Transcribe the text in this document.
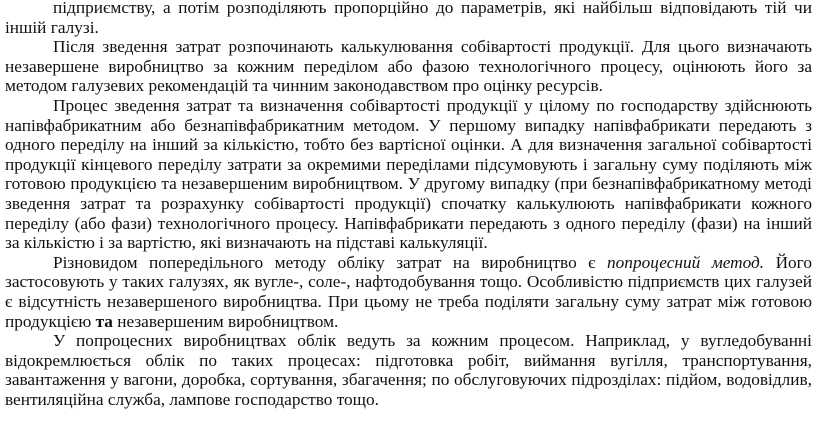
підприємству, а потім розподіляють пропорційно до параметрів, які найбільш відповідають тій чи іншій галузі.

Після зведення затрат розпочинають калькулювання собівартості продукції. Для цього визначають незавершене виробництво за кожним переділом або фазою технологічного процесу, оцінюють його за методом галузевих рекомендацій та чинним законодавством про оцінку ресурсів.

Процес зведення затрат та визначення собівартості продукції у цілому по господарству здійснюють напівфабрикатним або безнапівфабрикатним методом. У першому випадку напівфабрикати передають з одного переділу на інший за кількістю, тобто без вартісної оцінки. А для визначення загальної собівартості продукції кінцевого переділу затрати за окремими переділами підсумовують і загальну суму поділяють між готовою продукцією та незавершеним виробництвом. У другому випадку (при безнапівфабрикатному методі зведення затрат та розрахунку собівартості продукції) спочатку калькулюють напівфабрикати кожного переділу (або фази) технологічного процесу. Напівфабрикати передають з одного переділу (фази) на інший за кількістю і за вартістю, які визначають на підставі калькуляції.

Різновидом попередільного методу обліку затрат на виробництво є попроцесний метод. Його застосовують у таких галузях, як вугле-, соле-, нафтодобування тощо. Особливістю підприємств цих галузей є відсутність незавершеного виробництва. При цьому не треба поділяти загальну суму затрат між готовою продукцією та незавершеним виробництвом.

У попроцесних виробництвах облік ведуть за кожним процесом. Наприклад, у вугледобуванні відокремлюється облік по таких процесах: підготовка робіт, виймання вугілля, транспортування, завантаження у вагони, доробка, сортування, збагачення; по обслуговуючих підрозділах: підйом, водовідлив, вентиляційна служба, лампове господарство тощо.
